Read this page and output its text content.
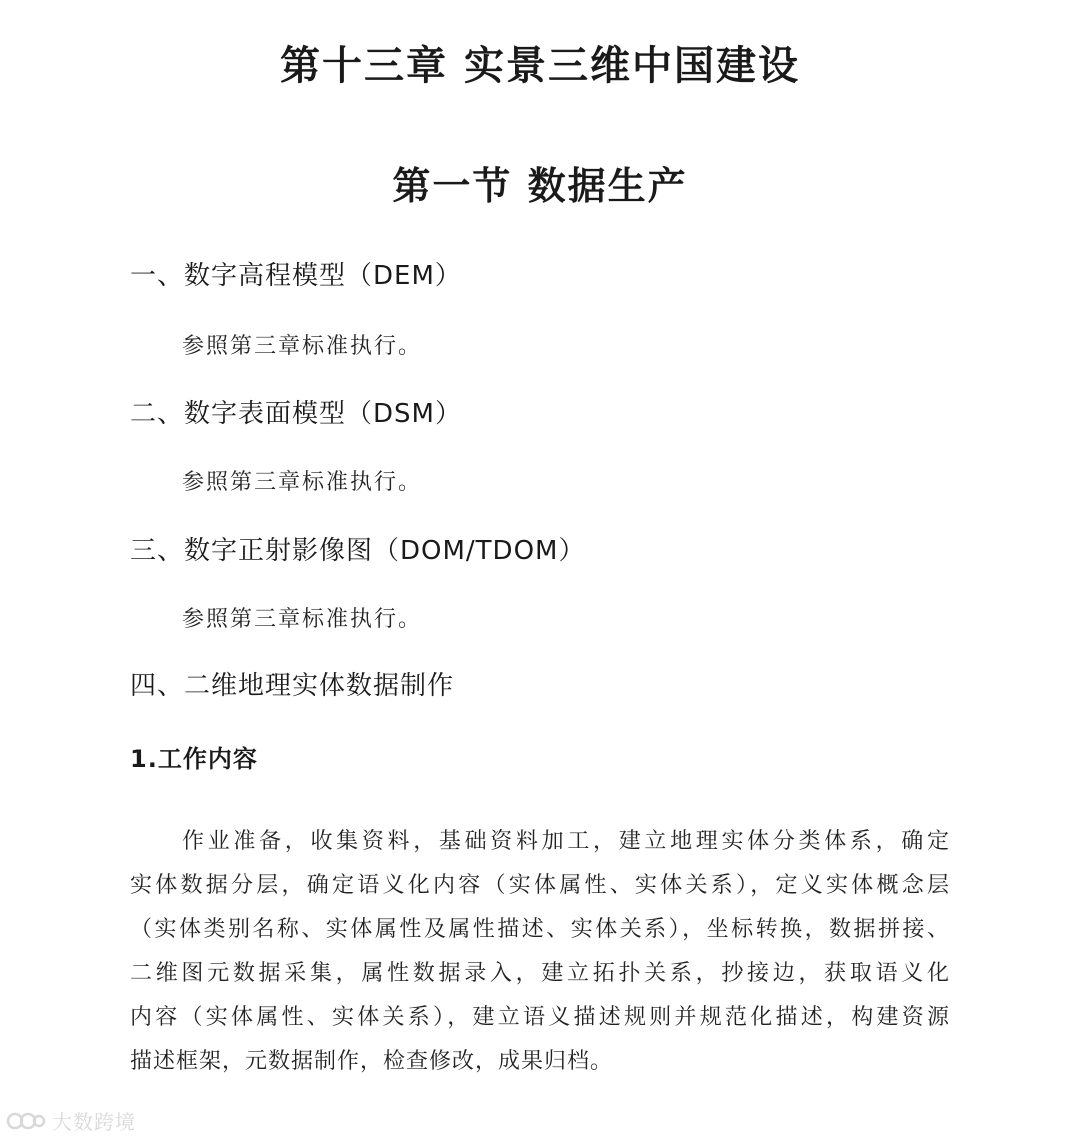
第十三章 实景三维中国建设
第一节 数据生产
一、数字高程模型（DEM）
参照第三章标准执行。
二、数字表面模型（DSM）
参照第三章标准执行。
三、数字正射影像图（DOM/TDOM）
参照第三章标准执行。
四、二维地理实体数据制作
1.工作内容
作业准备，收集资料，基础资料加工，建立地理实体分类体系，确定
实体数据分层，确定语义化内容（实体属性、实体关系），定义实体概念层
（实体类别名称、实体属性及属性描述、实体关系），坐标转换，数据拼接、
二维图元数据采集，属性数据录入，建立拓扑关系，抄接边，获取语义化
内容（实体属性、实体关系），建立语义描述规则并规范化描述，构建资源
描述框架，元数据制作，检查修改，成果归档。
大数跨境
